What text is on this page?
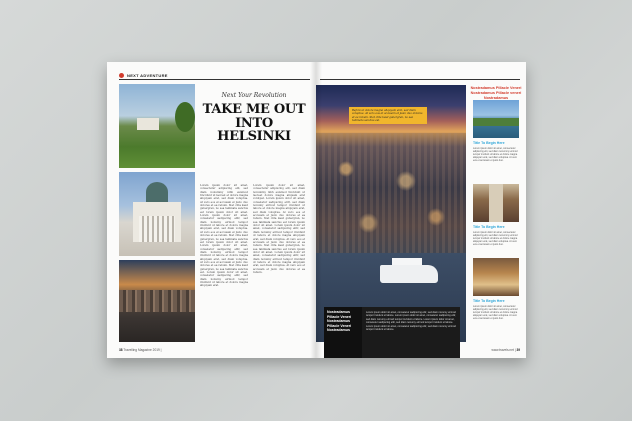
NEXT ADVENTURE
Next Your Revolution
TAKE ME OUT INTO HELSINKI
Lorem ipsum dolor sit amet, consectetur adipiscing elit, sed diam nonummy nibh euismod tincidunt ut laoreet et dolore magna aliquyam erat, sed diam voluptua. At vero eos et accusam et justo duo dolores et ea rebum. Stet clita kasd gubergren, no sea takimata sanctus est lorem ipsum dolor sit amet. Lorem ipsum dolor sit amet, consetetur sadipscing elitr, sed diam nonumy eirmod tempor invidunt ut labore et dolore magna aliquyam erat, sed diam voluptua. At vero eos et accusam et justo duo dolores et ea rebum. Stet clita kasd gubergren, no sea takimata sanctus est lorem ipsum dolor sit amet. Lorem ipsum dolor sit amet, consetetur sadipscing elitr, sed diam nonumy eirmod tempor invidunt ut labore et dolore magna aliquyam erat, sed diam voluptua. At vero eos et accusam et justo duo dolores et ea rebum. Stet clita kasd gubergren, no sea takimata sanctus est. Lorem ipsum dolor sit amet, consetetur sadipscing elitr, sed diam nonumy eirmod tempor invidunt ut labore et dolore magna aliquyam erat.
Lorem ipsum dolor sit amet, consectetur adipiscing elit, sed diam nonummy nibh euismod tincidunt ut laoreet dolore magna aliquam erat volutpat. Lorem ipsum dolor sit amet, consetetur sadipscing elitr, sed diam nonumy eirmod tempor invidunt ut labore et dolore magna aliquyam erat, sed diam voluptua. At vero eos et accusam et justo duo dolores et ea rebum. Stet clita kasd gubergren, no sea takimata sanctus est lorem ipsum dolor sit amet. Lorem ipsum dolor sit amet, consetetur sadipscing elitr, sed diam nonumy eirmod tempor invidunt ut labore et dolore magna aliquyam erat, sed diam voluptua. At vero eos et accusam et justo duo dolores et ea rebum. Stet clita kasd gubergren, no sea takimata sanctus est lorem ipsum dolor sit amet. Lorem ipsum dolor sit amet, consetetur sadipscing elitr, sed diam nonumy eirmod tempor invidunt ut labore et dolore magna aliquyam erat, sed diam voluptua. At vero eos et accusam et justo duo dolores et ea rebum.
38 Travelling Magazine 2019 |
Before ut dolore magna aliquyam erat, sed diam voluptua. At vero eos et accusam et justo duo dolores et ea rebum. Stet clita kasd gubergren, no sea takimata sanctus est.
Nostradamus Pillacle Veneri Nostradamus Pillacle Veneri Nostradamus
Lorem ipsum dolor sit amet, consetetur sadipscing elitr, sed diam nonumy eirmod tempor invidunt ut labore. Lorem ipsum dolor sit amet, consetetur sadipscing elitr, sed diam nonumy eirmod tempor invidunt ut labore. Lorem ipsum dolor sit amet, consetetur sadipscing elitr, sed diam nonumy eirmod tempor invidunt ut labore. Lorem ipsum dolor sit amet, consetetur sadipscing elitr, sed diam nonumy eirmod tempor invidunt ut labore.
Nostradamus Pillacle Veneri Nostradamus Pillacle veneri Nostradamus
Title To Begin Here
Lorem ipsum dolor sit amet, consectetur adipiscing elit, sed diam nonummy eirmod tempor invidunt ut labore et dolore magna aliquyam erat, sed diam voluptua. At vero eos et accusam et justo duo.
Title To Begin Here
Lorem ipsum dolor sit amet, consectetur adipiscing elit, sed diam nonummy eirmod tempor invidunt ut labore et dolore magna aliquyam erat, sed diam voluptua. At vero eos et accusam et justo duo.
Title To Begin Here
Lorem ipsum dolor sit amet, consectetur adipiscing elit, sed diam nonummy eirmod tempor invidunt ut labore et dolore magna aliquyam erat, sed diam voluptua. At vero eos et accusam et justo duo.
www.travels.net | 39
